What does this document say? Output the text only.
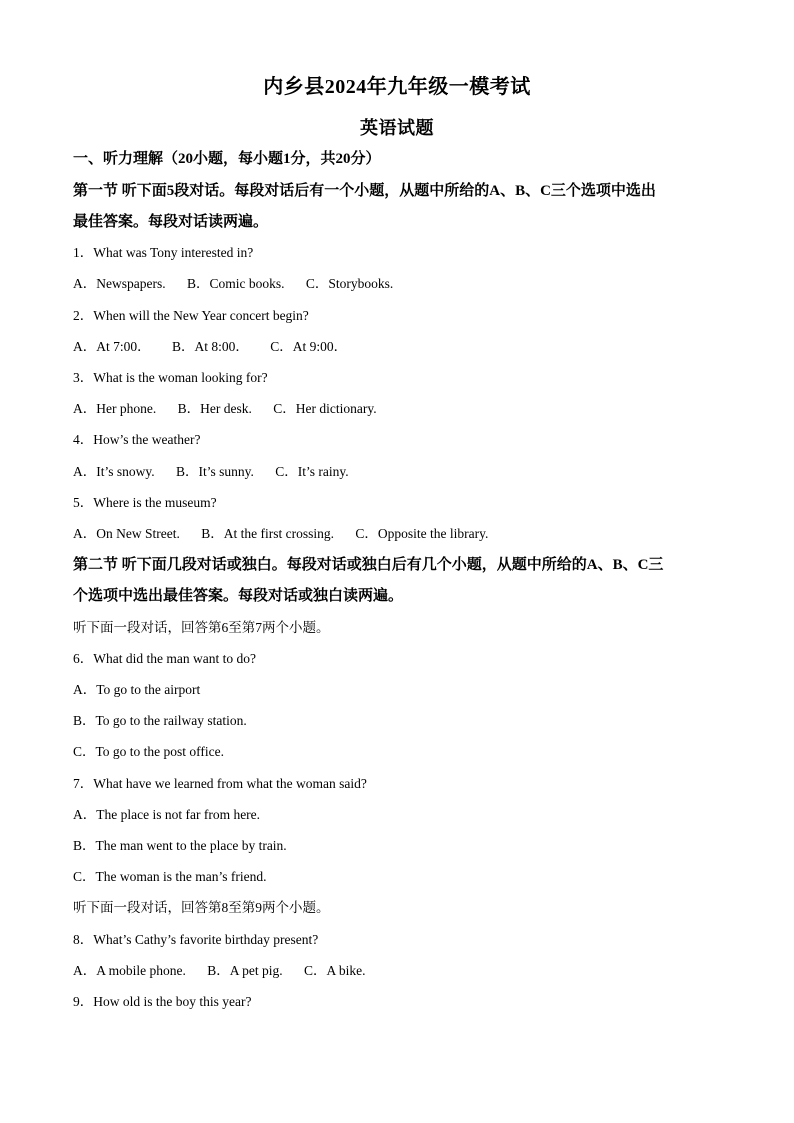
内乡县2024年九年级一模考试
英语试题
一、听力理解（20小题，每小题1分，共20分）
第一节 听下面5段对话。每段对话后有一个小题，从题中所给的A、B、C三个选项中选出
最佳答案。每段对话读两遍。
1．What was Tony interested in?
A．Newspapers. B．Comic books. C．Storybooks.
2．When will the New Year concert begin?
A．At 7:00． B．At 8:00． C．At 9:00．
3．What is the woman looking for?
A．Her phone. B．Her desk. C．Her dictionary.
4．How’s the weather?
A．It’s snowy. B．It’s sunny. C．It’s rainy.
5．Where is the museum?
A．On New Street. B．At the first crossing. C．Opposite the library.
第二节 听下面几段对话或独白。每段对话或独白后有几个小题，从题中所给的A、B、C三
个选项中选出最佳答案。每段对话或独白读两遍。
听下面一段对话，回答第6至第7两个小题。
6．What did the man want to do?
A．To go to the airport
B．To go to the railway station.
C．To go to the post office.
7．What have we learned from what the woman said?
A．The place is not far from here.
B．The man went to the place by train.
C．The woman is the man’s friend.
听下面一段对话，回答第8至第9两个小题。
8．What’s Cathy’s favorite birthday present?
A．A mobile phone. B．A pet pig. C．A bike.
9．How old is the boy this year?
